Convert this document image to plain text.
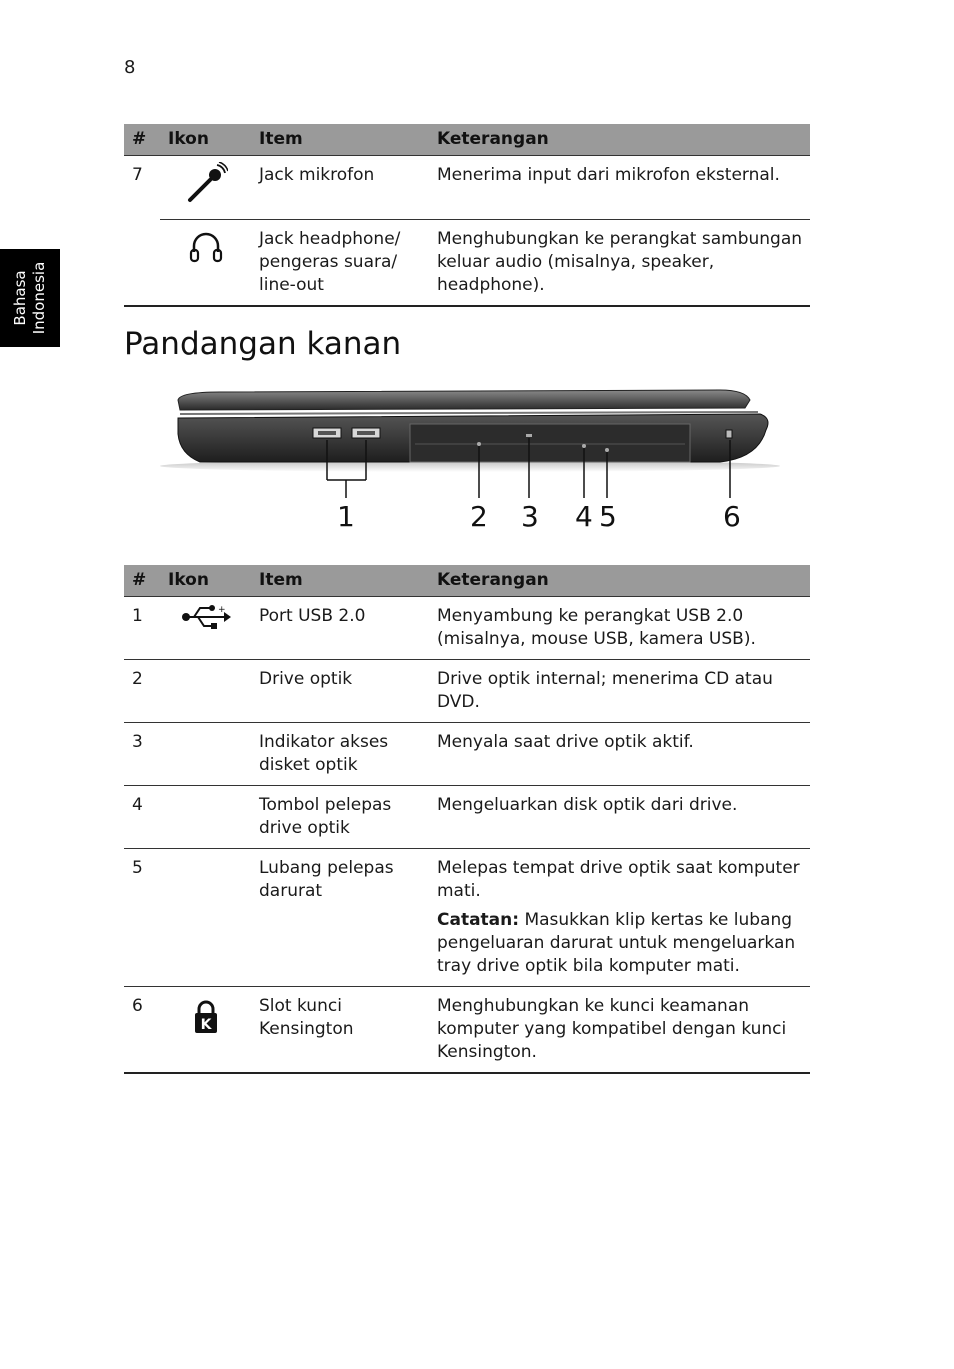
8
Bahasa Indonesia
#	Ikon	Item	Keterangan
7		Jack mikrofon	Menerima input dari mikrofon eksternal.
		Jack headphone/ pengeras suara/ line-out	Menghubungkan ke perangkat sambungan keluar audio (misalnya, speaker, headphone).
Pandangan kanan
1	2 3 4 5	6
#	Ikon	Item	Keterangan
1	+	Port USB 2.0	Menyambung ke perangkat USB 2.0 (misalnya, mouse USB, kamera USB).
2		Drive optik	Drive optik internal; menerima CD atau DVD.
3		Indikator akses disket optik	Menyala saat drive optik aktif.
4		Tombol pelepas drive optik	Mengeluarkan disk optik dari drive.
5		Lubang pelepas darurat	Melepas tempat drive optik saat komputer mati.
Catatan: Masukkan klip kertas ke lubang pengeluaran darurat untuk mengeluarkan tray drive optik bila komputer mati.

6	K	Slot kunci Kensington	Menghubungkan ke kunci keamanan komputer yang kompatibel dengan kunci Kensington.
